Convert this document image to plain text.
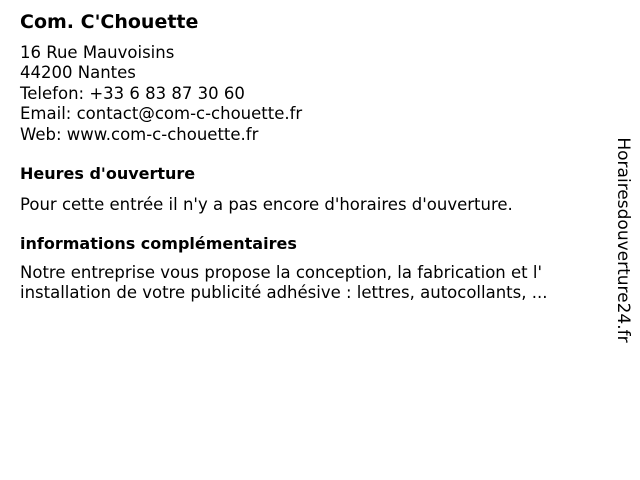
Com. C'Chouette
16 Rue Mauvoisins
44200 Nantes
Telefon: +33 6 83 87 30 60
Email: contact@com-c-chouette.fr
Web: www.com-c-chouette.fr
Heures d'ouverture

Pour cette entrée il n'y a pas encore d'horaires d'ouverture.

informations complémentaires
Notre entreprise vous propose la conception, la fabrication et l'
installation de votre publicité adhésive : lettres, autocollants, ...	Horairesdouverture24.fr
